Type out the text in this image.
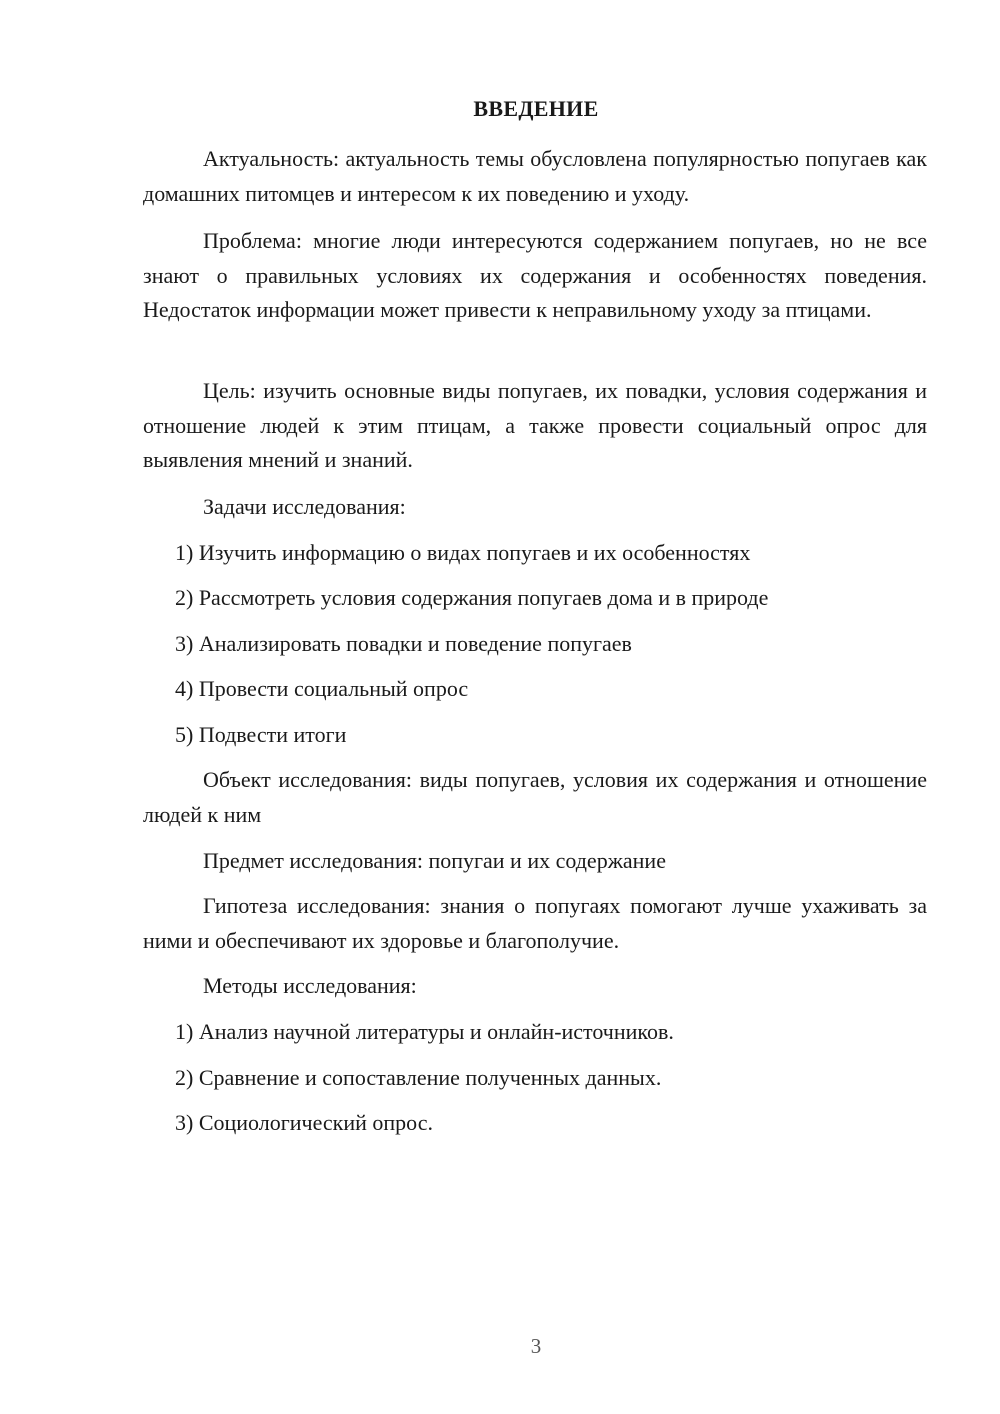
ВВЕДЕНИЕ

Актуальность: актуальность темы обусловлена популярностью попугаев как домашних питомцев и интересом к их поведению и уходу.

Проблема: многие люди интересуются содержанием попугаев, но не все знают о правильных условиях их содержания и особенностях поведения. Недостаток информации может привести к неправильному уходу за птицами.

Цель: изучить основные виды попугаев, их повадки, условия содержания и отношение людей к этим птицам, а также провести социальный опрос для выявления мнений и знаний.

Задачи исследования:

1) Изучить информацию о видах попугаев и их особенностях

2) Рассмотреть условия содержания попугаев дома и в природе

3) Анализировать повадки и поведение попугаев

4) Провести социальный опрос

5) Подвести итоги

Объект исследования: виды попугаев, условия их содержания и отношение людей к ним

Предмет исследования: попугаи и их содержание

Гипотеза исследования: знания о попугаях помогают лучше ухаживать за ними и обеспечивают их здоровье и благополучие.

Методы исследования:

1) Анализ научной литературы и онлайн-источников.

2) Сравнение и сопоставление полученных данных.

3) Социологический опрос.

3
